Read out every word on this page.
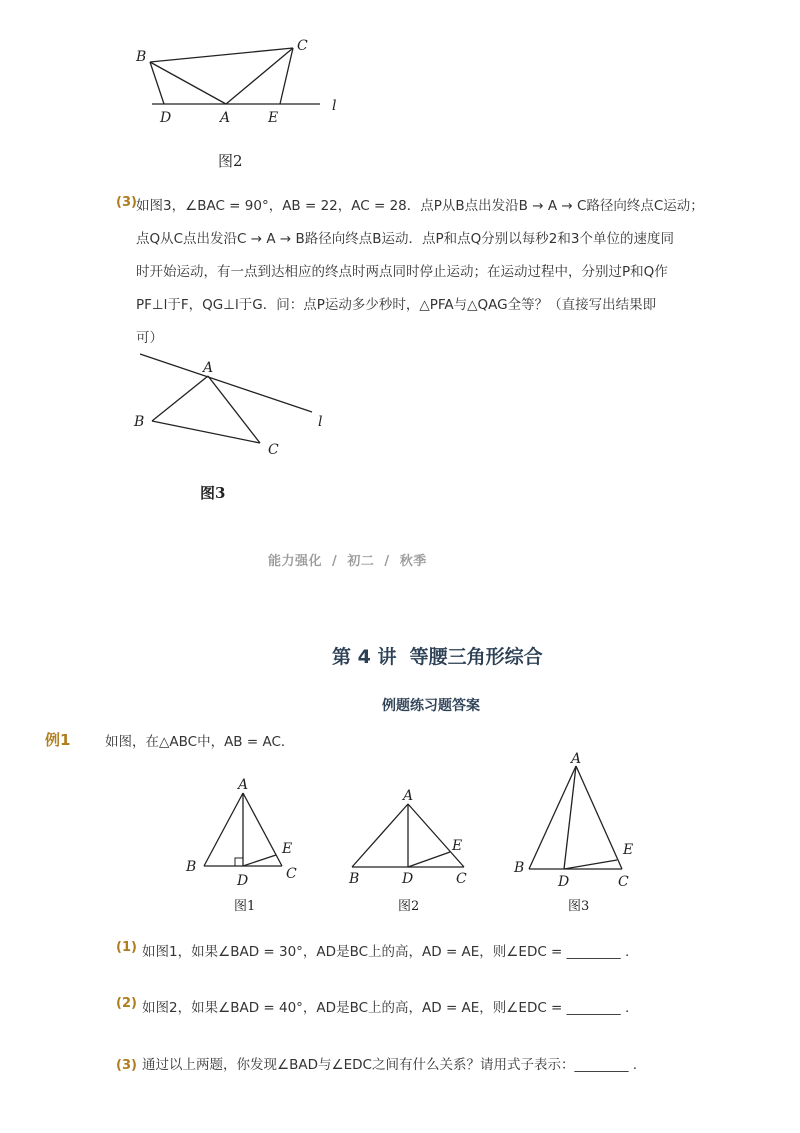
B
C
D	A	E
l
图2
(3) 如图3，∠BAC = 90°，AB = 22，AC = 28．点P从B点出发沿B → A → C路径向终点C运动；
点Q从C点出发沿C → A → B路径向终点B运动．点P和点Q分别以每秒2和3个单位的速度同
时开始运动，有一点到达相应的终点时两点同时停止运动；在运动过程中，分别过P和Q作
PF⊥l于F，QG⊥l于G．问：点P运动多少秒时，△PFA与△QAG全等？（直接写出结果即
可）
A
B
C
l
图3
能力强化  /  初二  /  秋季
第 4 讲  等腰三角形综合
例题练习题答案
例1	如图，在△ABC中，AB = AC．
A
B	C
D
E
图1
A
B	C
D
E
图2
A
B
C
D
E
图3
$^{(1)}$ 如图1，如果∠BAD = 30°，AD是BC上的高，AD = AE，则∠EDC = ________ .
$^{(2)}$ 如图2，如果∠BAD = 40°，AD是BC上的高，AD = AE，则∠EDC = ________ .
(3) 通过以上两题，你发现∠BAD与∠EDC之间有什么关系？请用式子表示：________ .
